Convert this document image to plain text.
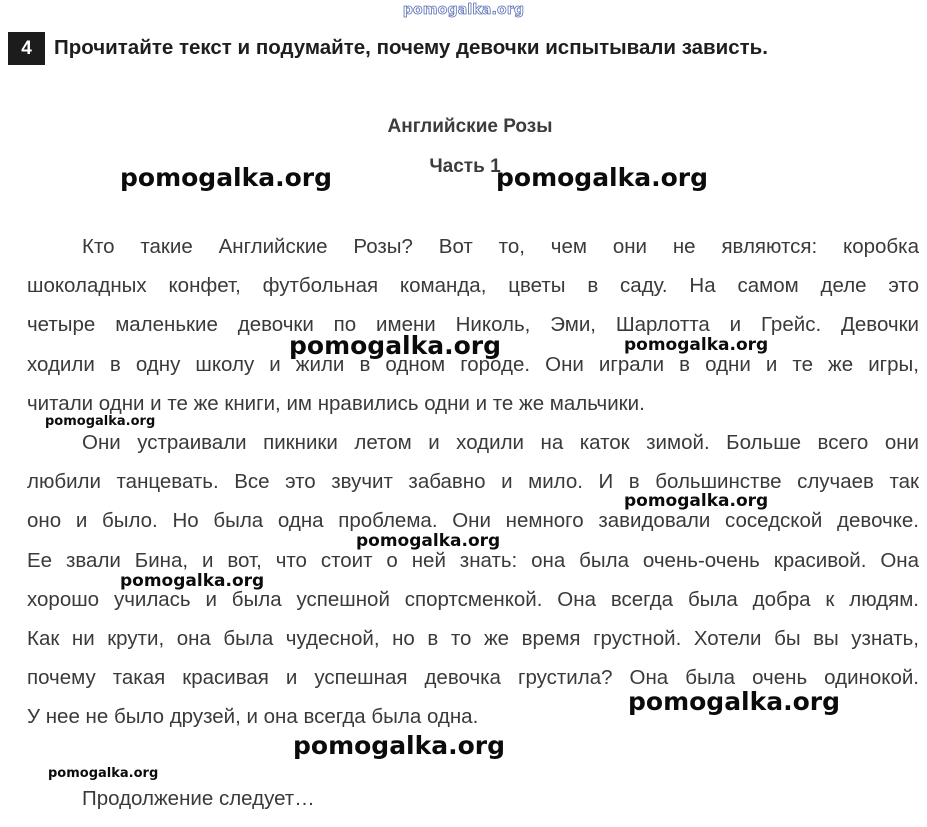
pomogalka.org
4	Прочитайте текст и подумайте, почему девочки испытывали зависть.
Английские Розы
Часть 1
Кто такие Английские Розы? Вот то, чем они не являются: коробка
шоколадных конфет, футбольная команда, цветы в саду. На самом деле это
четыре маленькие девочки по имени Николь, Эми, Шарлотта и Грейс. Девочки
ходили в одну школу и жили в одном городе. Они играли в одни и те же игры,
читали одни и те же книги, им нравились одни и те же мальчики.
Они устраивали пикники летом и ходили на каток зимой. Больше всего они
любили танцевать. Все это звучит забавно и мило. И в большинстве случаев так
оно и было. Но была одна проблема. Они немного завидовали соседской девочке.
Ее звали Бина, и вот, что стоит о ней знать: она была очень-очень красивой. Она
хорошо училась и была успешной спортсменкой. Она всегда была добра к людям.
Как ни крути, она была чудесной, но в то же время грустной. Хотели бы вы узнать,
почему такая красивая и успешная девочка грустила? Она была очень одинокой.
У нее не было друзей, и она всегда была одна.
Продолжение следует…
pomogalka.org	pomogalka.org
pomogalka.org	pomogalka.org
pomogalka.org
pomogalka.org
pomogalka.org
pomogalka.org
pomogalka.org
pomogalka.org
pomogalka.org
